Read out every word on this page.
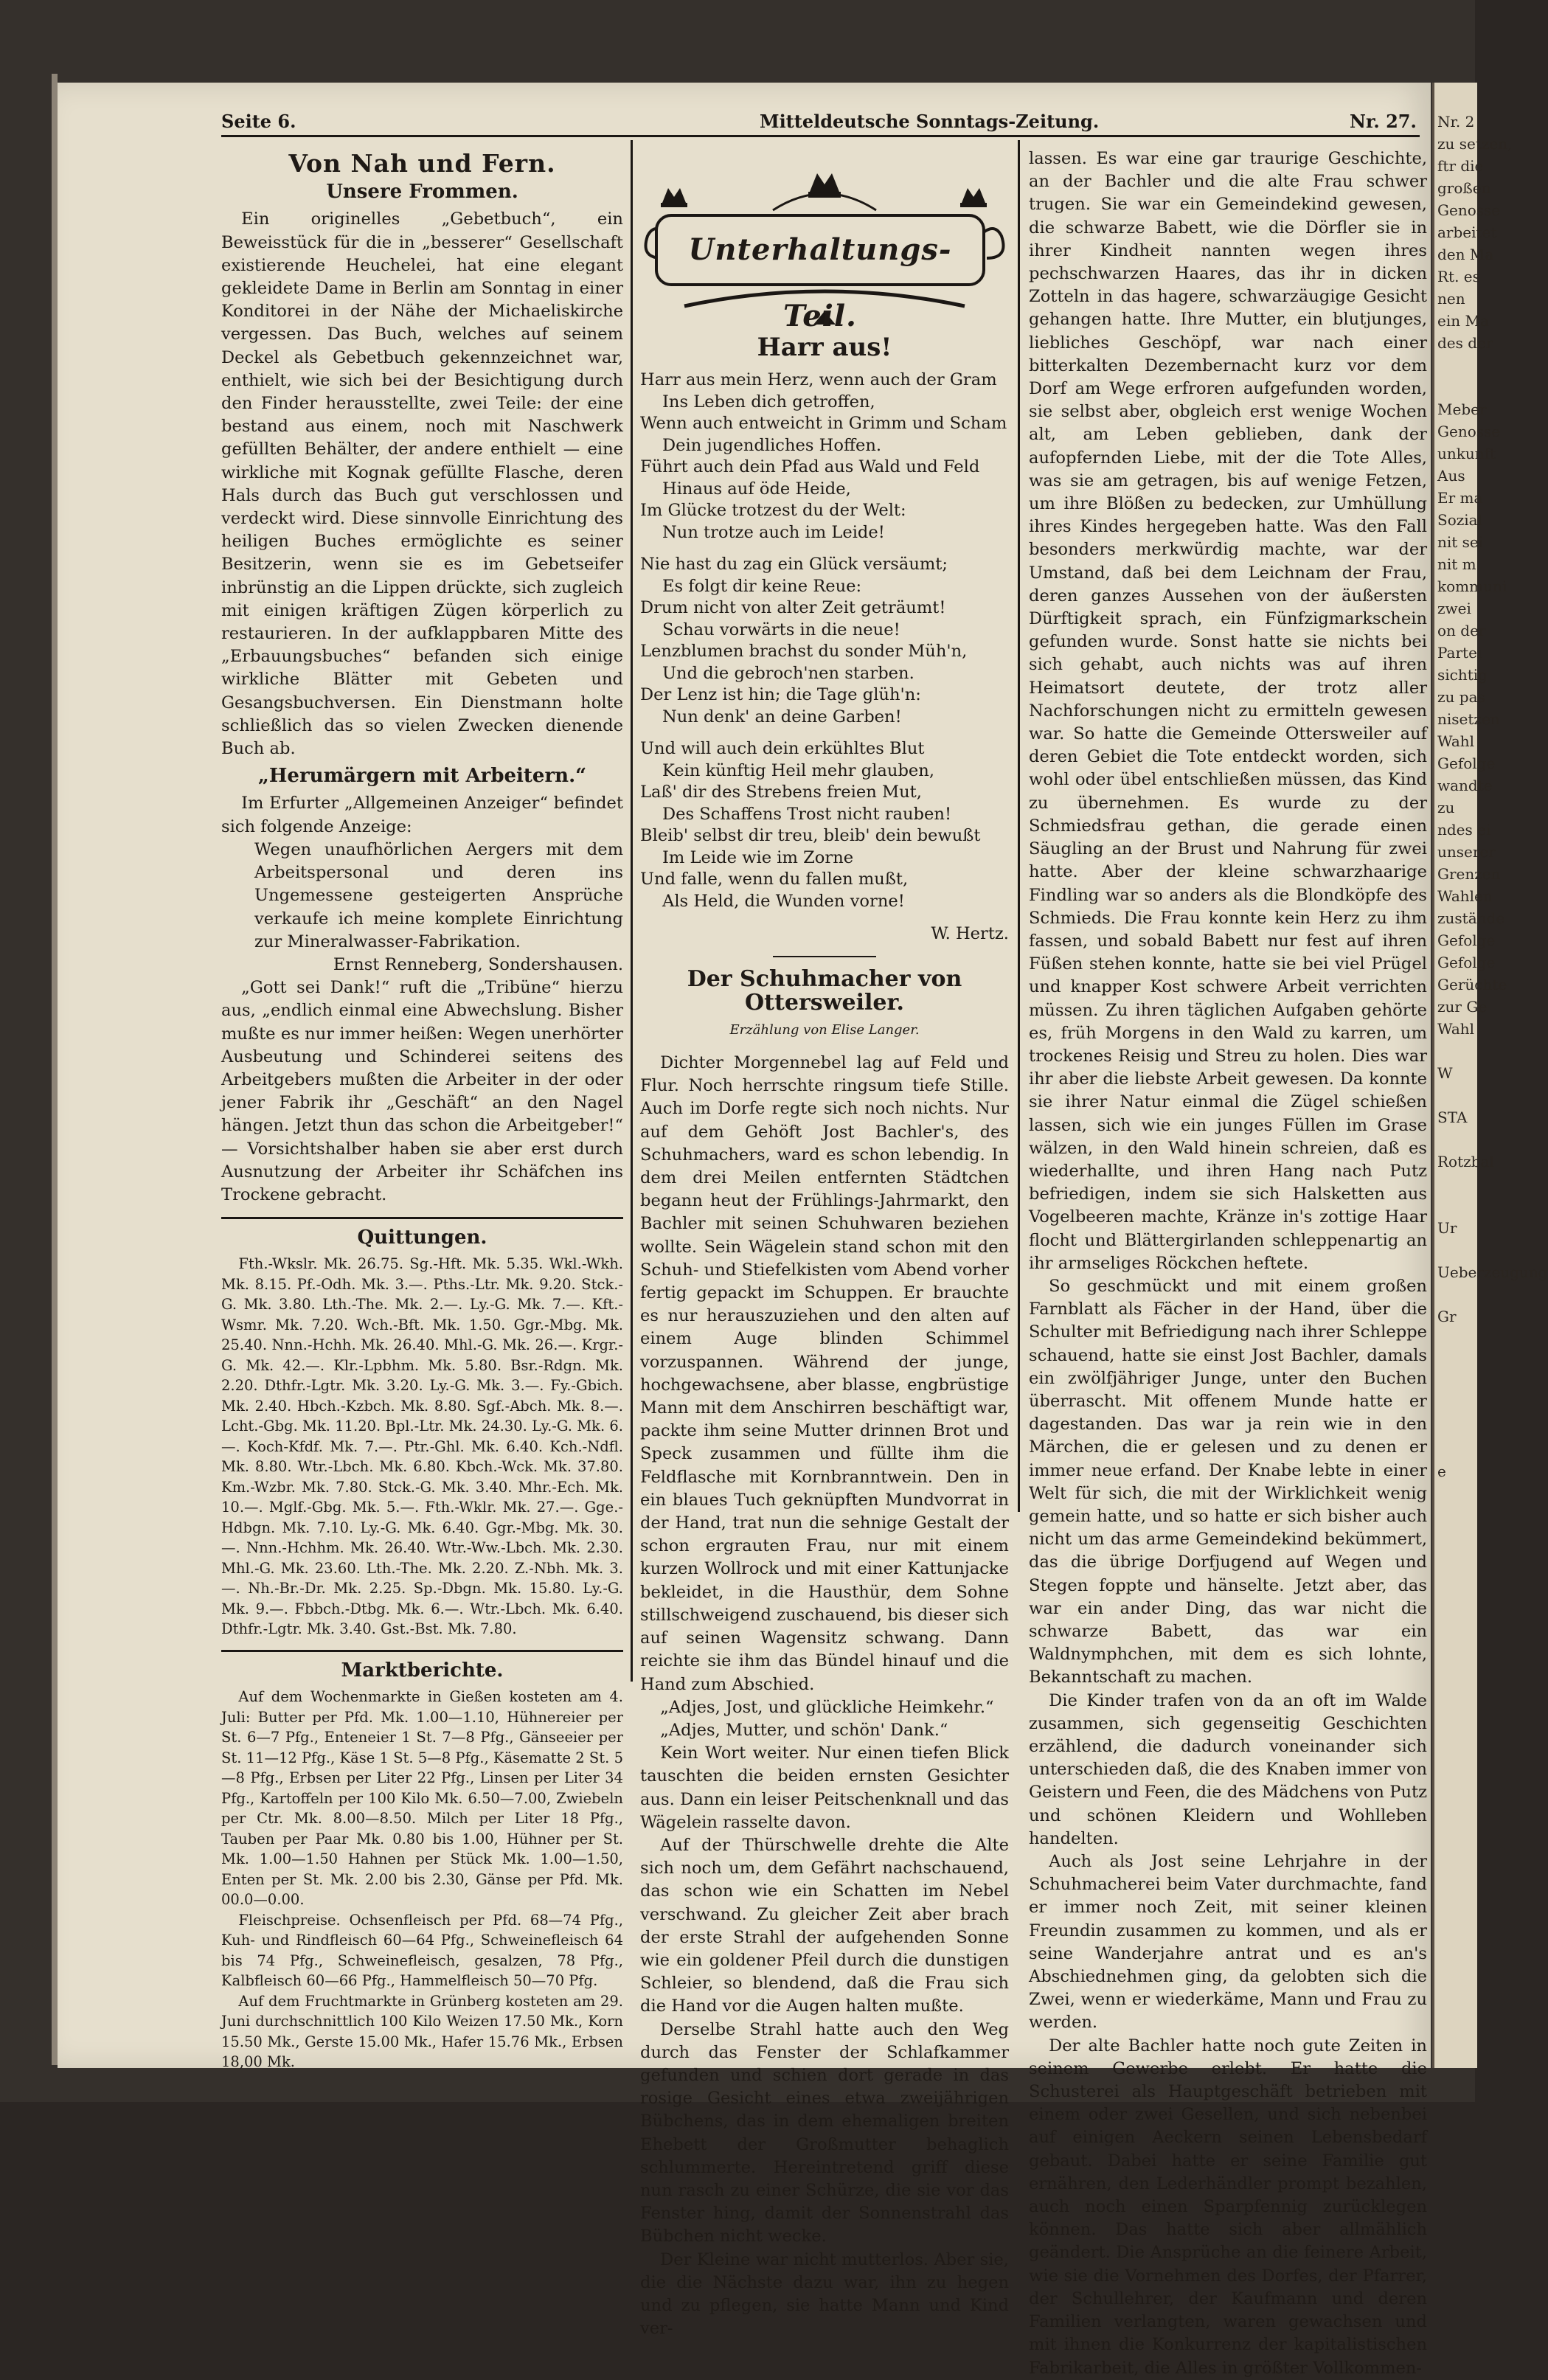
Nr. 2
zu setzen,
ftr die
großen
Genosse
arbeitet
den Ma
Rt. es
nen
ein Ma
des der

Meber
Genosse
unkunft
Aus
Er ma
Sozial
nit sei
nit m
kommuni
zwei
on der
Partei
sichtig
zu pas
nisetzen
Wahl
Gefolge
wandte
zu
ndes ei
unserer
Grenzen
Wahlen
zustände
Gefolge
Gefolge
Gerüchte
zur Ge
Wahl

W

STA

Rotzbal

Ur

Ueberzeugung

Gr

e
Seite 6.	Mitteldeutsche Sonntags-Zeitung.	Nr. 27.
Von Nah und Fern.
Unsere Frommen.

Ein originelles „Gebetbuch“, ein Beweisstück für die in „besserer“ Gesellschaft existierende Heuchelei, hat eine elegant gekleidete Dame in Berlin am Sonntag in einer Konditorei in der Nähe der Michaeliskirche vergessen. Das Buch, welches auf seinem Deckel als Gebetbuch gekennzeichnet war, enthielt, wie sich bei der Besichtigung durch den Finder herausstellte, zwei Teile: der eine bestand aus einem, noch mit Naschwerk gefüllten Behälter, der andere enthielt — eine wirkliche mit Kognak gefüllte Flasche, deren Hals durch das Buch gut verschlossen und verdeckt wird. Diese sinnvolle Einrichtung des heiligen Buches ermöglichte es seiner Besitzerin, wenn sie es im Gebetseifer inbrünstig an die Lippen drückte, sich zugleich mit einigen kräftigen Zügen körperlich zu restaurieren. In der aufklappbaren Mitte des „Erbauungsbuches“ befanden sich einige wirkliche Blätter mit Gebeten und Gesangsbuchversen. Ein Dienstmann holte schließlich das so vielen Zwecken dienende Buch ab.

„Herumärgern mit Arbeitern.“

Im Erfurter „Allgemeinen Anzeiger“ befindet sich folgende Anzeige:

Wegen unaufhörlichen Aergers mit dem Arbeitspersonal und deren ins Ungemessene gesteigerten Ansprüche verkaufe ich meine komplete Einrichtung zur Mineralwasser-Fabrikation.

Ernst Renneberg, Sondershausen.

„Gott sei Dank!“ ruft die „Tribüne“ hierzu aus, „endlich einmal eine Abwechslung. Bisher mußte es nur immer heißen: Wegen unerhörter Ausbeutung und Schinderei seitens des Arbeitgebers mußten die Arbeiter in der oder jener Fabrik ihr „Geschäft“ an den Nagel hängen. Jetzt thun das schon die Arbeitgeber!“ — Vorsichtshalber haben sie aber erst durch Ausnutzung der Arbeiter ihr Schäfchen ins Trockene gebracht.

Quittungen.

Fth.-Wkslr. Mk. 26.75. Sg.-Hft. Mk. 5.35. Wkl.-Wkh. Mk. 8.15. Pf.-Odh. Mk. 3.—. Pths.-Ltr. Mk. 9.20. Stck.-G. Mk. 3.80. Lth.-The. Mk. 2.—. Ly.-G. Mk. 7.—. Kft.-Wsmr. Mk. 7.20. Wch.-Bft. Mk. 1.50. Ggr.-Mbg. Mk. 25.40. Nnn.-Hchh. Mk. 26.40. Mhl.-G. Mk. 26.—. Krgr.-G. Mk. 42.—. Klr.-Lpbhm. Mk. 5.80. Bsr.-Rdgn. Mk. 2.20. Dthfr.-Lgtr. Mk. 3.20. Ly.-G. Mk. 3.—. Fy.-Gbich. Mk. 2.40. Hbch.-Kzbch. Mk. 8.80. Sgf.-Abch. Mk. 8.—. Lcht.-Gbg. Mk. 11.20. Bpl.-Ltr. Mk. 24.30. Ly.-G. Mk. 6.—. Koch-Kfdf. Mk. 7.—. Ptr.-Ghl. Mk. 6.40. Kch.-Ndfl. Mk. 8.80. Wtr.-Lbch. Mk. 6.80. Kbch.-Wck. Mk. 37.80. Km.-Wzbr. Mk. 7.80. Stck.-G. Mk. 3.40. Mhr.-Ech. Mk. 10.—. Mglf.-Gbg. Mk. 5.—. Fth.-Wklr. Mk. 27.—. Gge.-Hdbgn. Mk. 7.10. Ly.-G. Mk. 6.40. Ggr.-Mbg. Mk. 30.—. Nnn.-Hchhm. Mk. 26.40. Wtr.-Ww.-Lbch. Mk. 2.30. Mhl.-G. Mk. 23.60. Lth.-The. Mk. 2.20. Z.-Nbh. Mk. 3.—. Nh.-Br.-Dr. Mk. 2.25. Sp.-Dbgn. Mk. 15.80. Ly.-G. Mk. 9.—. Fbbch.-Dtbg. Mk. 6.—. Wtr.-Lbch. Mk. 6.40. Dthfr.-Lgtr. Mk. 3.40. Gst.-Bst. Mk. 7.80.

Marktberichte.

Auf dem Wochenmarkte in Gießen kosteten am 4. Juli: Butter per Pfd. Mk. 1.00—1.10, Hühnereier per St. 6—7 Pfg., Enteneier 1 St. 7—8 Pfg., Gänseeier per St. 11—12 Pfg., Käse 1 St. 5—8 Pfg., Käsematte 2 St. 5—8 Pfg., Erbsen per Liter 22 Pfg., Linsen per Liter 34 Pfg., Kartoffeln per 100 Kilo Mk. 6.50—7.00, Zwiebeln per Ctr. Mk. 8.00—8.50. Milch per Liter 18 Pfg., Tauben per Paar Mk. 0.80 bis 1.00, Hühner per St. Mk. 1.00—1.50 Hahnen per Stück Mk. 1.00—1.50, Enten per St. Mk. 2.00 bis 2.30, Gänse per Pfd. Mk. 00.0—0.00.

Fleischpreise. Ochsenfleisch per Pfd. 68—74 Pfg., Kuh- und Rindfleisch 60—64 Pfg., Schweinefleisch 64 bis 74 Pfg., Schweinefleisch, gesalzen, 78 Pfg., Kalbfleisch 60—66 Pfg., Hammelfleisch 50—70 Pfg.

Auf dem Fruchtmarkte in Grünberg kosteten am 29. Juni durchschnittlich 100 Kilo Weizen 17.50 Mk., Korn 15.50 Mk., Gerste 15.00 Mk., Hafer 15.76 Mk., Erbsen 18,00 Mk.

Unterhaltungs-Teil.
Harr aus!
Harr aus mein Herz, wenn auch der Gram
Ins Leben dich getroffen,
Wenn auch entweicht in Grimm und Scham
Dein jugendliches Hoffen.
Führt auch dein Pfad aus Wald und Feld
Hinaus auf öde Heide,
Im Glücke trotzest du der Welt:
Nun trotze auch im Leide!
Nie hast du zag ein Glück versäumt;
Es folgt dir keine Reue:
Drum nicht von alter Zeit geträumt!
Schau vorwärts in die neue!
Lenzblumen brachst du sonder Müh'n,
Und die gebroch'nen starben.
Der Lenz ist hin; die Tage glüh'n:
Nun denk' an deine Garben!
Und will auch dein erkühltes Blut
Kein künftig Heil mehr glauben,
Laß' dir des Strebens freien Mut,
Des Schaffens Trost nicht rauben!
Bleib' selbst dir treu, bleib' dein bewußt
Im Leide wie im Zorne
Und falle, wenn du fallen mußt,
Als Held, die Wunden vorne!

W. Hertz.

Der Schuhmacher von Ottersweiler.
Erzählung von Elise Langer.

Dichter Morgennebel lag auf Feld und Flur. Noch herrschte ringsum tiefe Stille. Auch im Dorfe regte sich noch nichts. Nur auf dem Gehöft Jost Bachler's, des Schuhmachers, ward es schon lebendig. In dem drei Meilen entfernten Städtchen begann heut der Frühlings-Jahrmarkt, den Bachler mit seinen Schuhwaren beziehen wollte. Sein Wägelein stand schon mit den Schuh- und Stiefelkisten vom Abend vorher fertig gepackt im Schuppen. Er brauchte es nur herauszuziehen und den alten auf einem Auge blinden Schimmel vorzuspannen. Während der junge, hochgewachsene, aber blasse, engbrüstige Mann mit dem Anschirren beschäftigt war, packte ihm seine Mutter drinnen Brot und Speck zusammen und füllte ihm die Feldflasche mit Kornbranntwein. Den in ein blaues Tuch geknüpften Mundvorrat in der Hand, trat nun die sehnige Gestalt der schon ergrauten Frau, nur mit einem kurzen Wollrock und mit einer Kattunjacke bekleidet, in die Hausthür, dem Sohne stillschweigend zuschauend, bis dieser sich auf seinen Wagensitz schwang. Dann reichte sie ihm das Bündel hinauf und die Hand zum Abschied.

„Adjes, Jost, und glückliche Heimkehr.“

„Adjes, Mutter, und schön' Dank.“

Kein Wort weiter. Nur einen tiefen Blick tauschten die beiden ernsten Gesichter aus. Dann ein leiser Peitschenknall und das Wägelein rasselte davon.

Auf der Thürschwelle drehte die Alte sich noch um, dem Gefährt nachschauend, das schon wie ein Schatten im Nebel verschwand. Zu gleicher Zeit aber brach der erste Strahl der aufgehenden Sonne wie ein goldener Pfeil durch die dunstigen Schleier, so blendend, daß die Frau sich die Hand vor die Augen halten mußte.

Derselbe Strahl hatte auch den Weg durch das Fenster der Schlafkammer gefunden und schien dort gerade in das rosige Gesicht eines etwa zweijährigen Bübchens, das in dem ehemaligen breiten Ehebett der Großmutter behaglich schlummerte. Hereintretend griff diese nun rasch zu einer Schürze, die sie vor das Fenster hing, damit der Sonnenstrahl das Bübchen nicht wecke.

Der Kleine war nicht mutterlos. Aber sie, die die Nächste dazu war, ihn zu hegen und zu pflegen, sie hatte Mann und Kind ver-

lassen. Es war eine gar traurige Geschichte, an der Bachler und die alte Frau schwer trugen. Sie war ein Gemeindekind gewesen, die schwarze Babett, wie die Dörfler sie in ihrer Kindheit nannten wegen ihres pechschwarzen Haares, das ihr in dicken Zotteln in das hagere, schwarzäugige Gesicht gehangen hatte. Ihre Mutter, ein blutjunges, liebliches Geschöpf, war nach einer bitterkalten Dezembernacht kurz vor dem Dorf am Wege erfroren aufgefunden worden, sie selbst aber, obgleich erst wenige Wochen alt, am Leben geblieben, dank der aufopfernden Liebe, mit der die Tote Alles, was sie am getragen, bis auf wenige Fetzen, um ihre Blößen zu bedecken, zur Umhüllung ihres Kindes hergegeben hatte. Was den Fall besonders merkwürdig machte, war der Umstand, daß bei dem Leichnam der Frau, deren ganzes Aussehen von der äußersten Dürftigkeit sprach, ein Fünfzigmarkschein gefunden wurde. Sonst hatte sie nichts bei sich gehabt, auch nichts was auf ihren Heimatsort deutete, der trotz aller Nachforschungen nicht zu ermitteln gewesen war. So hatte die Gemeinde Ottersweiler auf deren Gebiet die Tote entdeckt worden, sich wohl oder übel entschließen müssen, das Kind zu übernehmen. Es wurde zu der Schmiedsfrau gethan, die gerade einen Säugling an der Brust und Nahrung für zwei hatte. Aber der kleine schwarzhaarige Findling war so anders als die Blondköpfe des Schmieds. Die Frau konnte kein Herz zu ihm fassen, und sobald Babett nur fest auf ihren Füßen stehen konnte, hatte sie bei viel Prügel und knapper Kost schwere Arbeit verrichten müssen. Zu ihren täglichen Aufgaben gehörte es, früh Morgens in den Wald zu karren, um trockenes Reisig und Streu zu holen. Dies war ihr aber die liebste Arbeit gewesen. Da konnte sie ihrer Natur einmal die Zügel schießen lassen, sich wie ein junges Füllen im Grase wälzen, in den Wald hinein schreien, daß es wiederhallte, und ihren Hang nach Putz befriedigen, indem sie sich Halsketten aus Vogelbeeren machte, Kränze in's zottige Haar flocht und Blättergirlanden schleppenartig an ihr armseliges Röckchen heftete.

So geschmückt und mit einem großen Farnblatt als Fächer in der Hand, über die Schulter mit Befriedigung nach ihrer Schleppe schauend, hatte sie einst Jost Bachler, damals ein zwölfjähriger Junge, unter den Buchen überrascht. Mit offenem Munde hatte er dagestanden. Das war ja rein wie in den Märchen, die er gelesen und zu denen er immer neue erfand. Der Knabe lebte in einer Welt für sich, die mit der Wirklichkeit wenig gemein hatte, und so hatte er sich bisher auch nicht um das arme Gemeindekind bekümmert, das die übrige Dorfjugend auf Wegen und Stegen foppte und hänselte. Jetzt aber, das war ein ander Ding, das war nicht die schwarze Babett, das war ein Waldnymphchen, mit dem es sich lohnte, Bekanntschaft zu machen.

Die Kinder trafen von da an oft im Walde zusammen, sich gegenseitig Geschichten erzählend, die dadurch voneinander sich unterschieden daß, die des Knaben immer von Geistern und Feen, die des Mädchens von Putz und schönen Kleidern und Wohlleben handelten.

Auch als Jost seine Lehrjahre in der Schuhmacherei beim Vater durchmachte, fand er immer noch Zeit, mit seiner kleinen Freundin zusammen zu kommen, und als er seine Wanderjahre antrat und es an's Abschiednehmen ging, da gelobten sich die Zwei, wenn er wiederkäme, Mann und Frau zu werden.

Der alte Bachler hatte noch gute Zeiten in seinem Gewerbe erlebt. Er hatte die Schusterei als Hauptgeschäft betrieben mit einem oder zwei Gesellen, und sich nebenbei auf einigen Aeckern seinen Lebensbedarf gebaut. Dabei hatte er seine Familie gut ernähren, den Lederhändler prompt bezahlen, auch noch einen Sparpfennig zurücklegen können. Das hatte sich aber allmählich geändert. Die Ansprüche an die feinere Arbeit, wie sie die Vornehmen des Dorfes, der Pfarrer, der Schullehrer, der Kaufmann und deren Familien verlangten, waren gewachsen und mit ihnen die Konkurrenz der kapitalistischen Fabrikarbeit, die Alles in größter Vollkommen-
